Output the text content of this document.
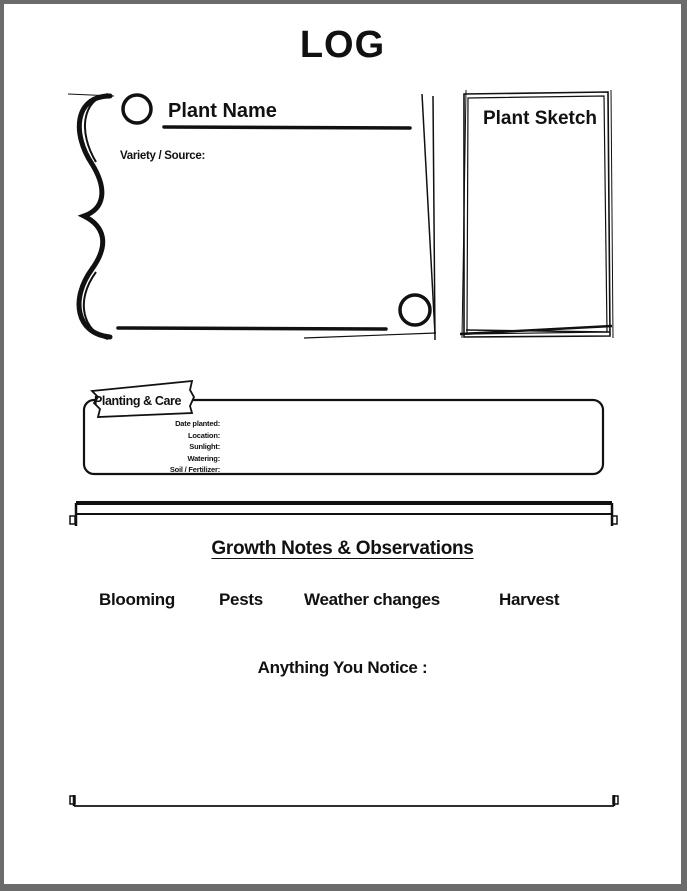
LOG
Plant Name
Variety / Source:
Plant Sketch
Planting & Care
Date planted:
Location:
Sunlight:
Watering:
Soil / Fertilizer:
Growth Notes & Observations
Blooming	Pests Weather changes	Harvest
Anything You Notice :
